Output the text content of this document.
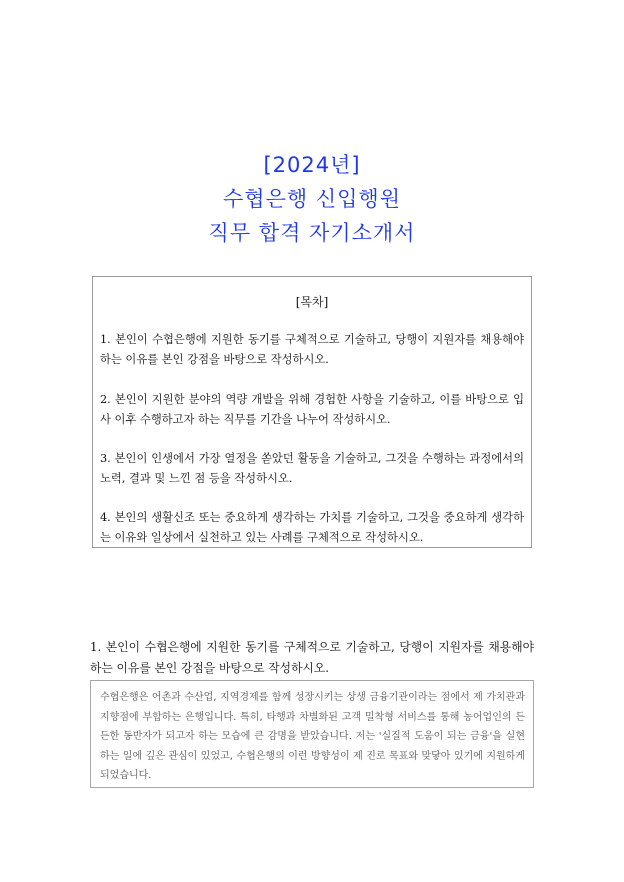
[2024년]
수협은행 신입행원
직무 합격 자기소개서
[목차]

1. 본인이 수협은행에 지원한 동기를 구체적으로 기술하고, 당행이 지원자를 채용해야 하는 이유를 본인 강점을 바탕으로 작성하시오.

2. 본인이 지원한 분야의 역량 개발을 위해 경험한 사항을 기술하고, 이를 바탕으로 입사 이후 수행하고자 하는 직무를 기간을 나누어 작성하시오.

3. 본인이 인생에서 가장 열정을 쏟았던 활동을 기술하고, 그것을 수행하는 과정에서의 노력, 결과 및 느낀 점 등을 작성하시오.

4. 본인의 생활신조 또는 중요하게 생각하는 가치를 기술하고, 그것을 중요하게 생각하는 이유와 일상에서 실천하고 있는 사례를 구체적으로 작성하시오.

1. 본인이 수협은행에 지원한 동기를 구체적으로 기술하고, 당행이 지원자를 채용해야 하는 이유를 본인 강점을 바탕으로 작성하시오.

수협은행은 어촌과 수산업, 지역경제를 함께 성장시키는 상생 금융기관이라는 점에서 제 가치관과 지향점에 부합하는 은행입니다. 특히, 타행과 차별화된 고객 밀착형 서비스를 통해 농어업인의 든든한 동반자가 되고자 하는 모습에 큰 감명을 받았습니다. 저는 '실질적 도움이 되는 금융'을 실현하는 일에 깊은 관심이 있었고, 수협은행의 이런 방향성이 제 진로 목표와 맞닿아 있기에 지원하게 되었습니다.
